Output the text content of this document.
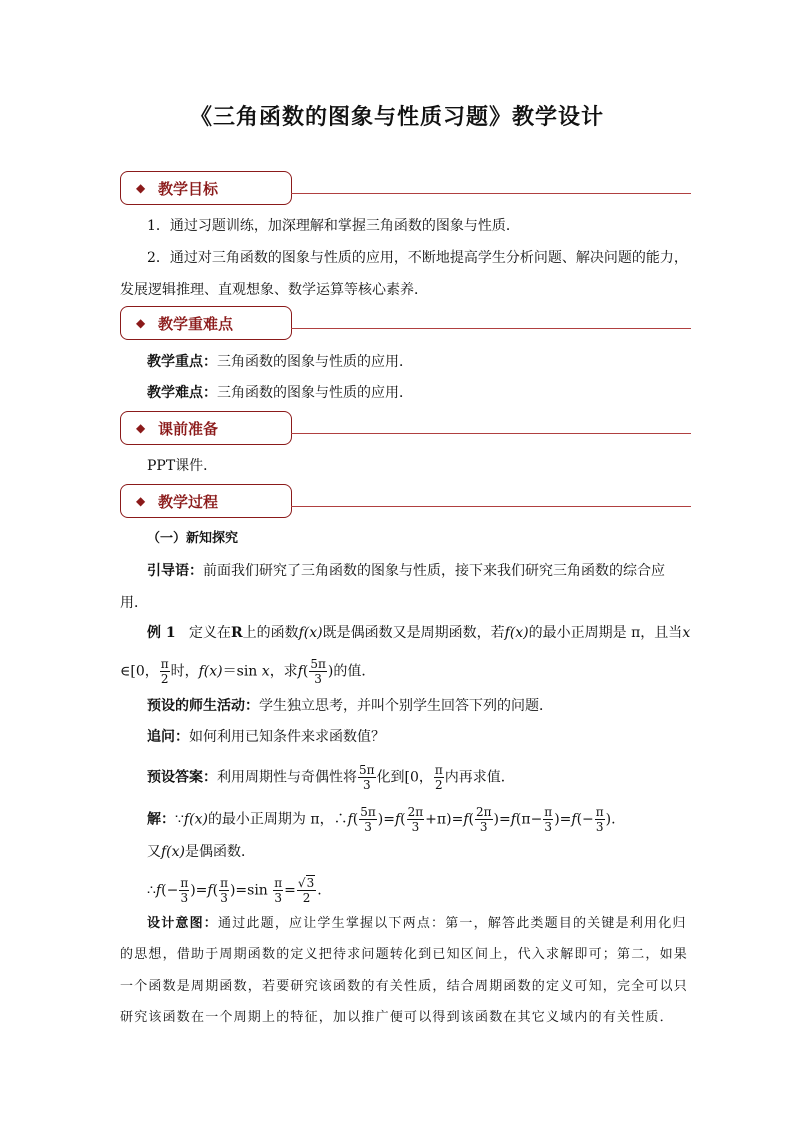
《三角函数的图象与性质习题》教学设计
◆ 教学目标
1．通过习题训练，加深理解和掌握三角函数的图象与性质．
2．通过对三角函数的图象与性质的应用，不断地提高学生分析问题、解决问题的能力，
发展逻辑推理、直观想象、数学运算等核心素养．
◆ 教学重难点
教学重点：三角函数的图象与性质的应用．
教学难点：三角函数的图象与性质的应用．
◆ 课前准备
PPT课件．
◆ 教学过程
（一）新知探究
引导语：前面我们研究了三角函数的图象与性质，接下来我们研究三角函数的综合应
用．
例 1 定义在R上的函数f(x)既是偶函数又是周期函数，若f(x)的最小正周期是 π，且当x
∈[0， $\frac{\pi}{2}$ 时，f(x)＝sin x，求$f( \frac{5\pi}{3}$ )的值．
预设的师生活动：学生独立思考，并叫个别学生回答下列的问题．
追问：如何利用已知条件来求函数值？
预设答案：利用周期性与奇偶性将 $\frac{5\pi}{3}$ 化到[0， $\frac{\pi}{2}$ 内再求值．
解：∵f(x)的最小正周期为 π，∴f( $\frac{5\pi}{3} )=f( \frac{2\pi}{3} +\pi)=f( \frac{2\pi}{3} )=f(\pi- \frac{\pi}{3} )=f(- \frac{\pi}{3}$ ).
又f(x)是偶函数．
∴f(− $\frac{\pi}{3} )=f( \frac{\pi}{3} )=\sin \frac{\pi}{3} = \frac{√3}{2}$ .
设计意图：通过此题，应让学生掌握以下两点：第一，解答此类题目的关键是利用化归
的思想，借助于周期函数的定义把待求问题转化到已知区间上，代入求解即可；第二，如果
一个函数是周期函数，若要研究该函数的有关性质，结合周期函数的定义可知，完全可以只
研究该函数在一个周期上的特征，加以推广便可以得到该函数在其它义域内的有关性质．
